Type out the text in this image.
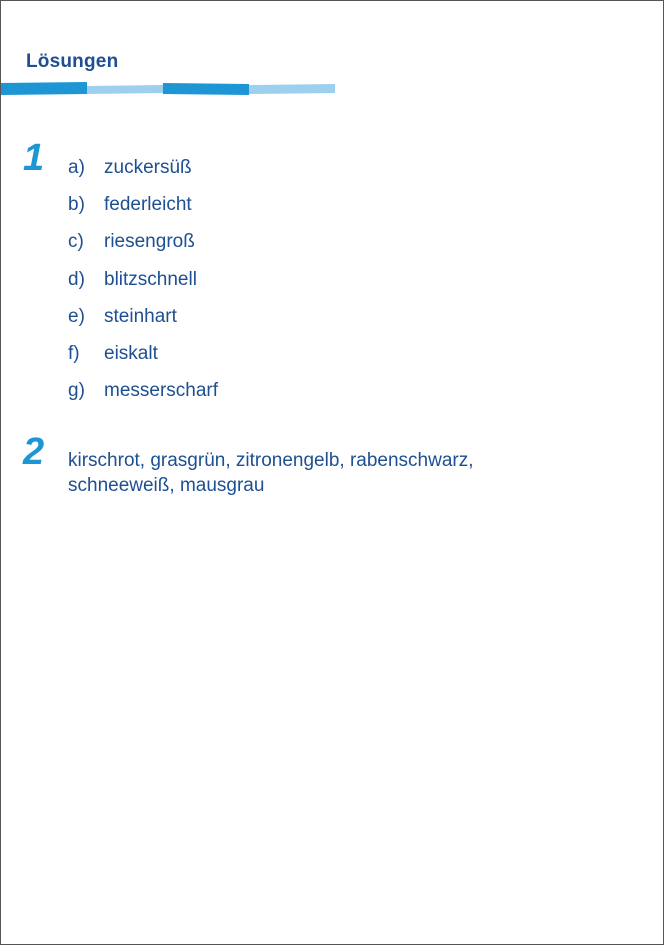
Lösungen
1 a)	zuckersüß
b)	federleicht
c)	riesengroß
d)	blitzschnell
e)	steinhart
f)	eiskalt
g)	messerscharf
2 kirschrot, grasgrün, zitronengelb, rabenschwarz,
schneeweiß, mausgrau
